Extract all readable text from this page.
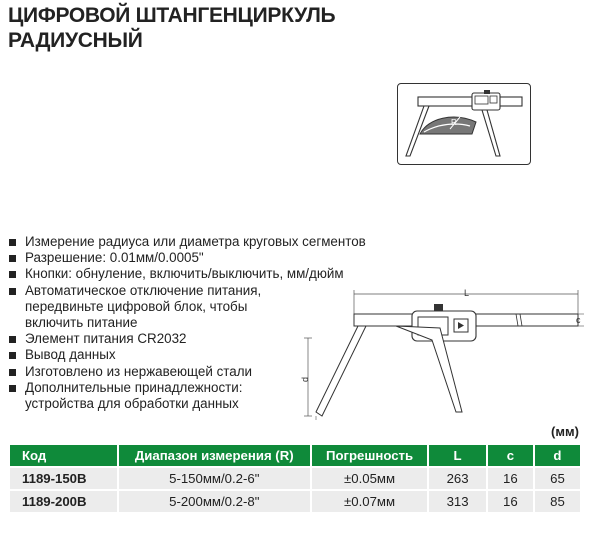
ЦИФРОВОЙ ШТАНГЕНЦИРКУЛЬ
РАДИУСНЫЙ
R
Измерение радиуса или диаметра круговых сегментов
Разрешение: 0.01мм/0.0005"
Кнопки: обнуление, включить/выключить, мм/дюйм
Автоматическое отключение питания,
передвиньте цифровой блок, чтобы
включить питание
Элемент питания CR2032
Вывод данных
Изготовлено из нержавеющей стали
Дополнительные принадлежности:
устройства для обработки данных
L
c
d
(мм)
Код	Диапазон измерения (R)	Погрешность	L	c	d
1189-150B	5-150мм/0.2-6"	±0.05мм	263	16	65
1189-200B	5-200мм/0.2-8"	±0.07мм	313	16	85
